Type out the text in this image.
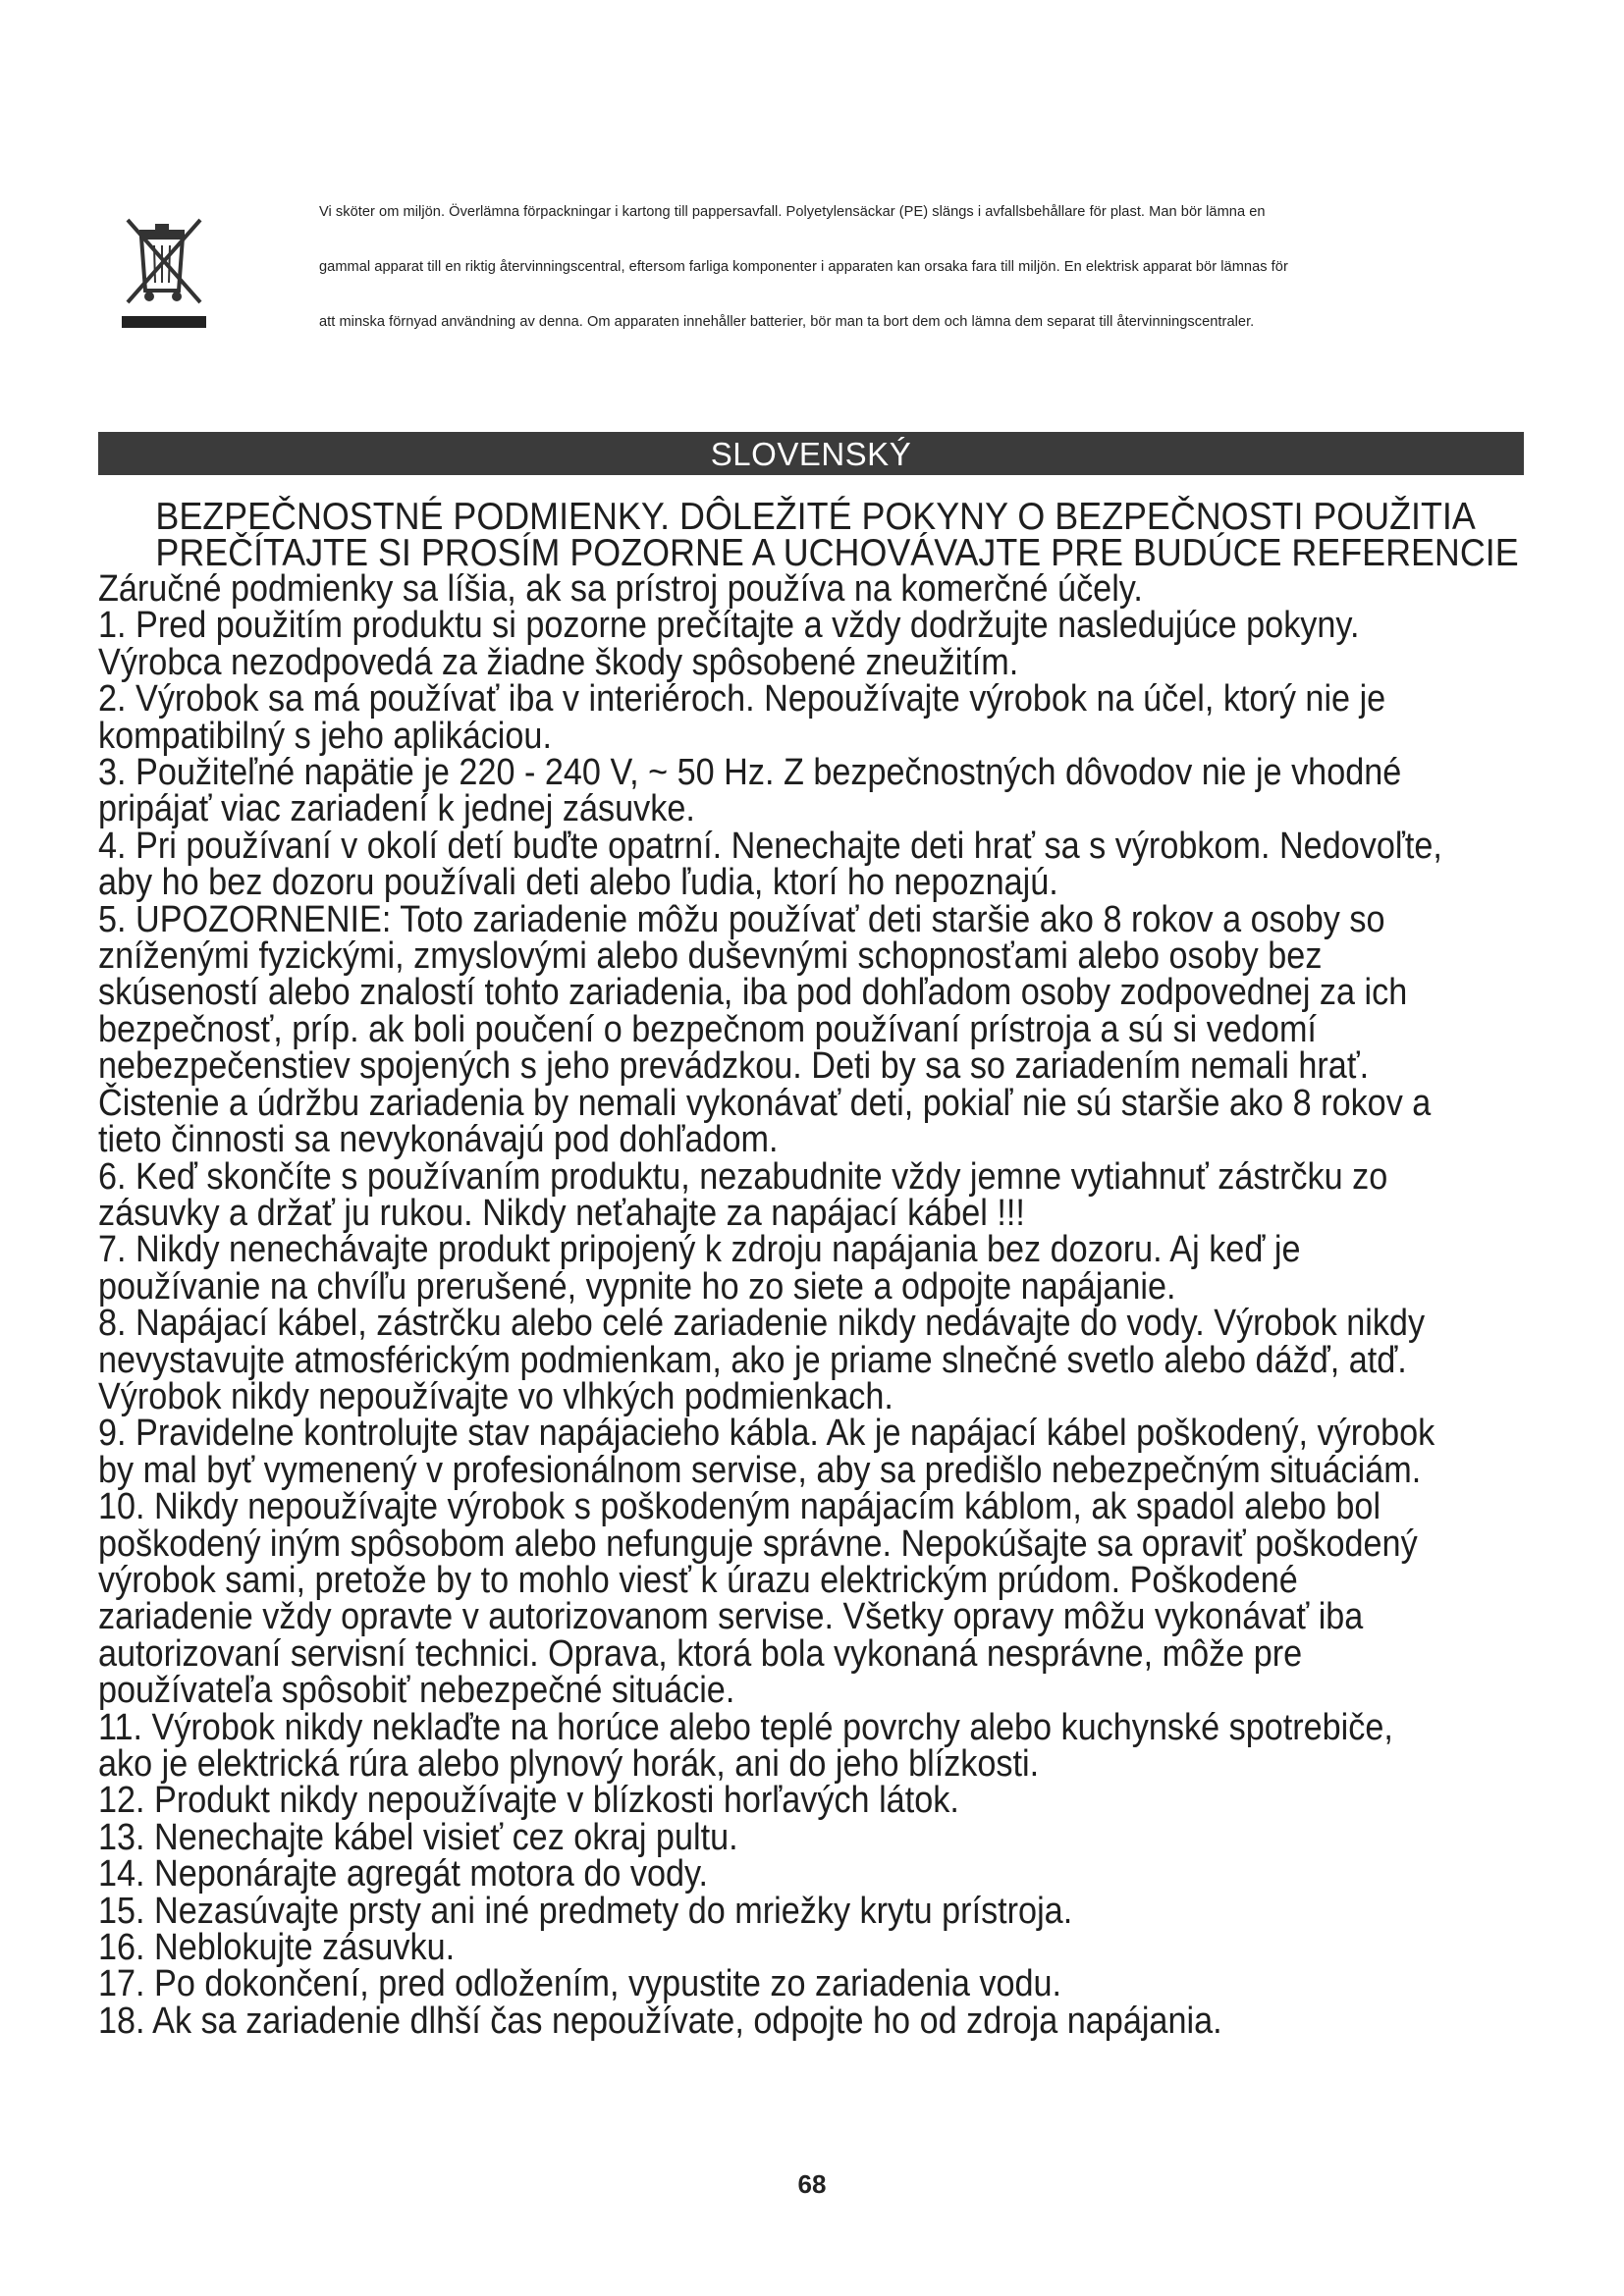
Vi sköter om miljön. Överlämna förpackningar i kartong till pappersavfall. Polyetylensäckar (PE) slängs i avfallsbehållare för plast. Man bör lämna en

gammal apparat till en riktig återvinningscentral, eftersom farliga komponenter i apparaten kan orsaka fara till miljön. En elektrisk apparat bör lämnas för

att minska förnyad användning av denna. Om apparaten innehåller batterier, bör man ta bort dem och lämna dem separat till återvinningscentraler.

SLOVENSKÝ
BEZPEČNOSTNÉ PODMIENKY. DÔLEŽITÉ POKYNY O BEZPEČNOSTI POUŽITIA
PREČÍTAJTE SI PROSÍM POZORNE A UCHOVÁVAJTE PRE BUDÚCE REFERENCIE

Záručné podmienky sa líšia, ak sa prístroj používa na komerčné účely.

1. Pred použitím produktu si pozorne prečítajte a vždy dodržujte nasledujúce pokyny.

Výrobca nezodpovedá za žiadne škody spôsobené zneužitím.

2. Výrobok sa má používať iba v interiéroch. Nepoužívajte výrobok na účel, ktorý nie je

kompatibilný s jeho aplikáciou.

3. Použiteľné napätie je 220 - 240 V, ~ 50 Hz. Z bezpečnostných dôvodov nie je vhodné

pripájať viac zariadení k jednej zásuvke.

4. Pri používaní v okolí detí buďte opatrní. Nenechajte deti hrať sa s výrobkom. Nedovoľte,

aby ho bez dozoru používali deti alebo ľudia, ktorí ho nepoznajú.

5. UPOZORNENIE: Toto zariadenie môžu používať deti staršie ako 8 rokov a osoby so

zníženými fyzickými, zmyslovými alebo duševnými schopnosťami alebo osoby bez

skúseností alebo znalostí tohto zariadenia, iba pod dohľadom osoby zodpovednej za ich

bezpečnosť, príp. ak boli poučení o bezpečnom používaní prístroja a sú si vedomí

nebezpečenstiev spojených s jeho prevádzkou. Deti by sa so zariadením nemali hrať.

Čistenie a údržbu zariadenia by nemali vykonávať deti, pokiaľ nie sú staršie ako 8 rokov a

tieto činnosti sa nevykonávajú pod dohľadom.

6. Keď skončíte s používaním produktu, nezabudnite vždy jemne vytiahnuť zástrčku zo

zásuvky a držať ju rukou. Nikdy neťahajte za napájací kábel !!!

7. Nikdy nenechávajte produkt pripojený k zdroju napájania bez dozoru. Aj keď je

používanie na chvíľu prerušené, vypnite ho zo siete a odpojte napájanie.

8. Napájací kábel, zástrčku alebo celé zariadenie nikdy nedávajte do vody. Výrobok nikdy

nevystavujte atmosférickým podmienkam, ako je priame slnečné svetlo alebo dážď, atď.

Výrobok nikdy nepoužívajte vo vlhkých podmienkach.

9. Pravidelne kontrolujte stav napájacieho kábla. Ak je napájací kábel poškodený, výrobok

by mal byť vymenený v profesionálnom servise, aby sa predišlo nebezpečným situáciám.

10. Nikdy nepoužívajte výrobok s poškodeným napájacím káblom, ak spadol alebo bol

poškodený iným spôsobom alebo nefunguje správne. Nepokúšajte sa opraviť poškodený

výrobok sami, pretože by to mohlo viesť k úrazu elektrickým prúdom. Poškodené

zariadenie vždy opravte v autorizovanom servise. Všetky opravy môžu vykonávať iba

autorizovaní servisní technici. Oprava, ktorá bola vykonaná nesprávne, môže pre

používateľa spôsobiť nebezpečné situácie.

11. Výrobok nikdy neklaďte na horúce alebo teplé povrchy alebo kuchynské spotrebiče,

ako je elektrická rúra alebo plynový horák, ani do jeho blízkosti.

12. Produkt nikdy nepoužívajte v blízkosti horľavých látok.

13. Nenechajte kábel visieť cez okraj pultu.

14. Neponárajte agregát motora do vody.

15. Nezasúvajte prsty ani iné predmety do mriežky krytu prístroja.

16. Neblokujte zásuvku.

17. Po dokončení, pred odložením, vypustite zo zariadenia vodu.

18. Ak sa zariadenie dlhší čas nepoužívate, odpojte ho od zdroja napájania.

68
